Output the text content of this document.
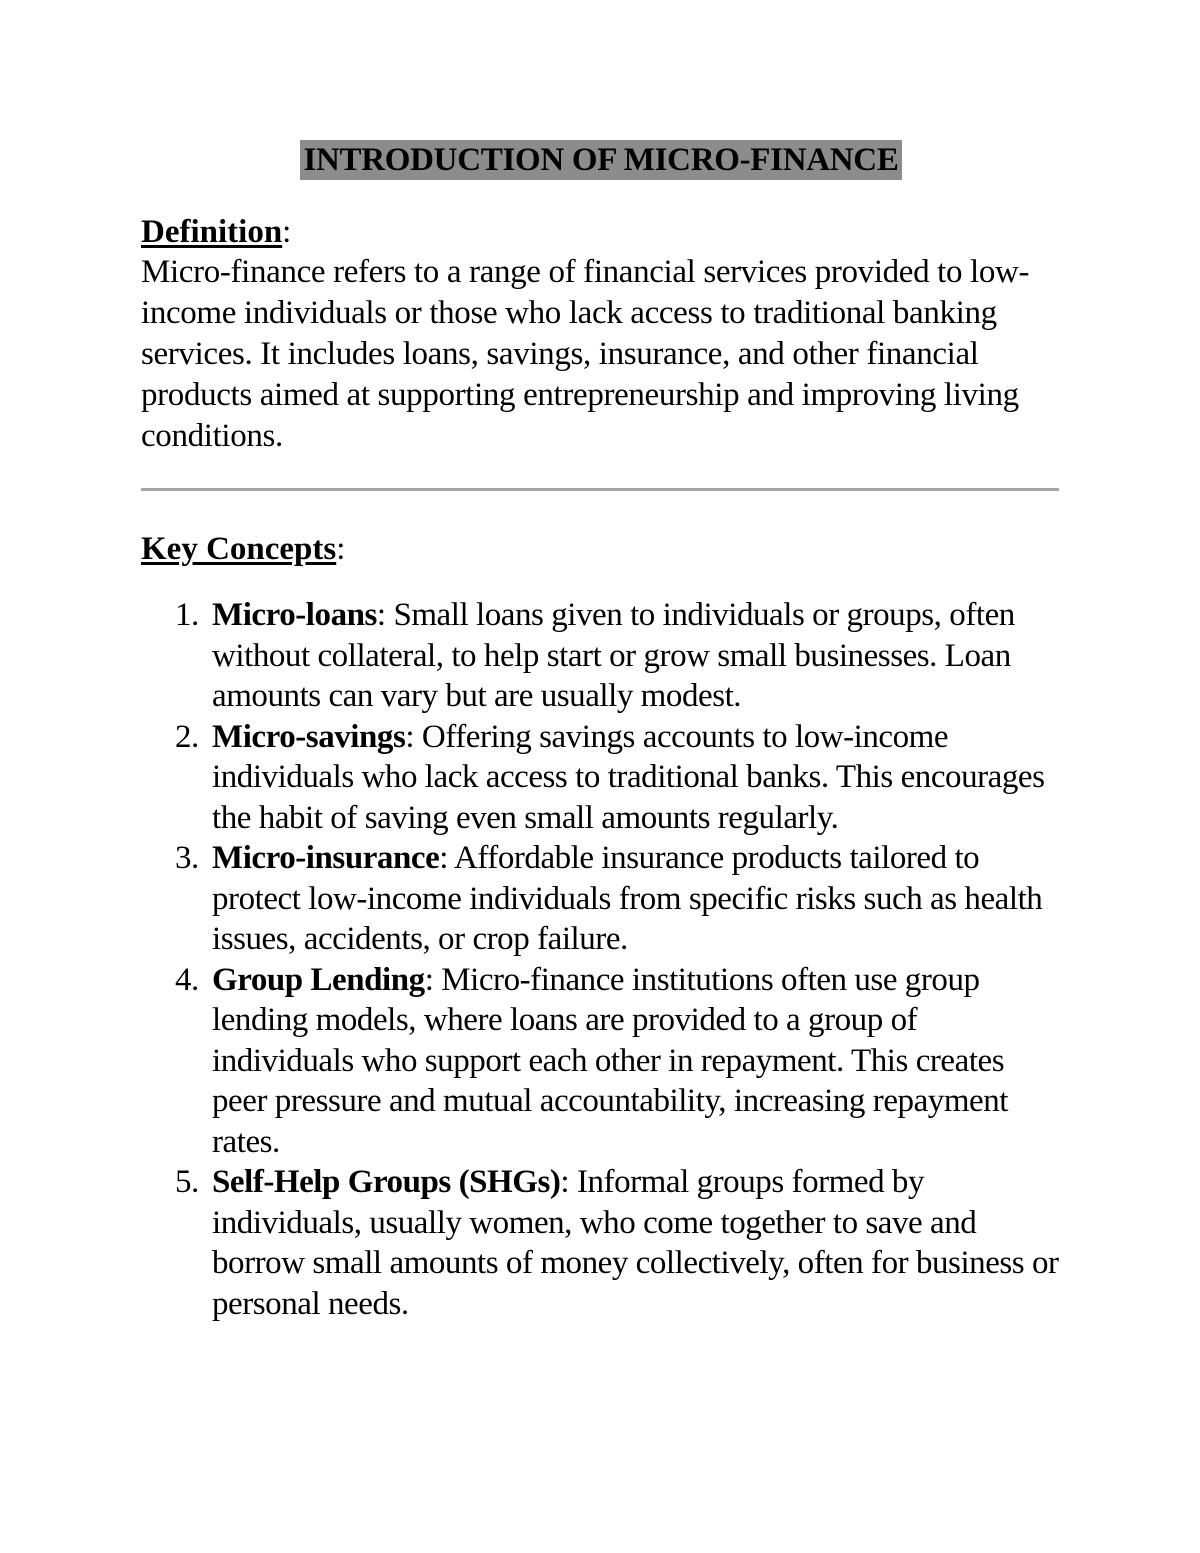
INTRODUCTION OF MICRO-FINANCE

Definition:

Micro-finance refers to a range of financial services provided to low-income individuals or those who lack access to traditional banking services. It includes loans, savings, insurance, and other financial products aimed at supporting entrepreneurship and improving living conditions.

Key Concepts:

1. Micro-loans: Small loans given to individuals or groups, often without collateral, to help start or grow small businesses. Loan amounts can vary but are usually modest.
2. Micro-savings: Offering savings accounts to low-income individuals who lack access to traditional banks. This encourages the habit of saving even small amounts regularly.
3. Micro-insurance: Affordable insurance products tailored to protect low-income individuals from specific risks such as health issues, accidents, or crop failure.
4. Group Lending: Micro-finance institutions often use group lending models, where loans are provided to a group of individuals who support each other in repayment. This creates peer pressure and mutual accountability, increasing repayment rates.
5. Self-Help Groups (SHGs): Informal groups formed by individuals, usually women, who come together to save and borrow small amounts of money collectively, often for business or personal needs.
